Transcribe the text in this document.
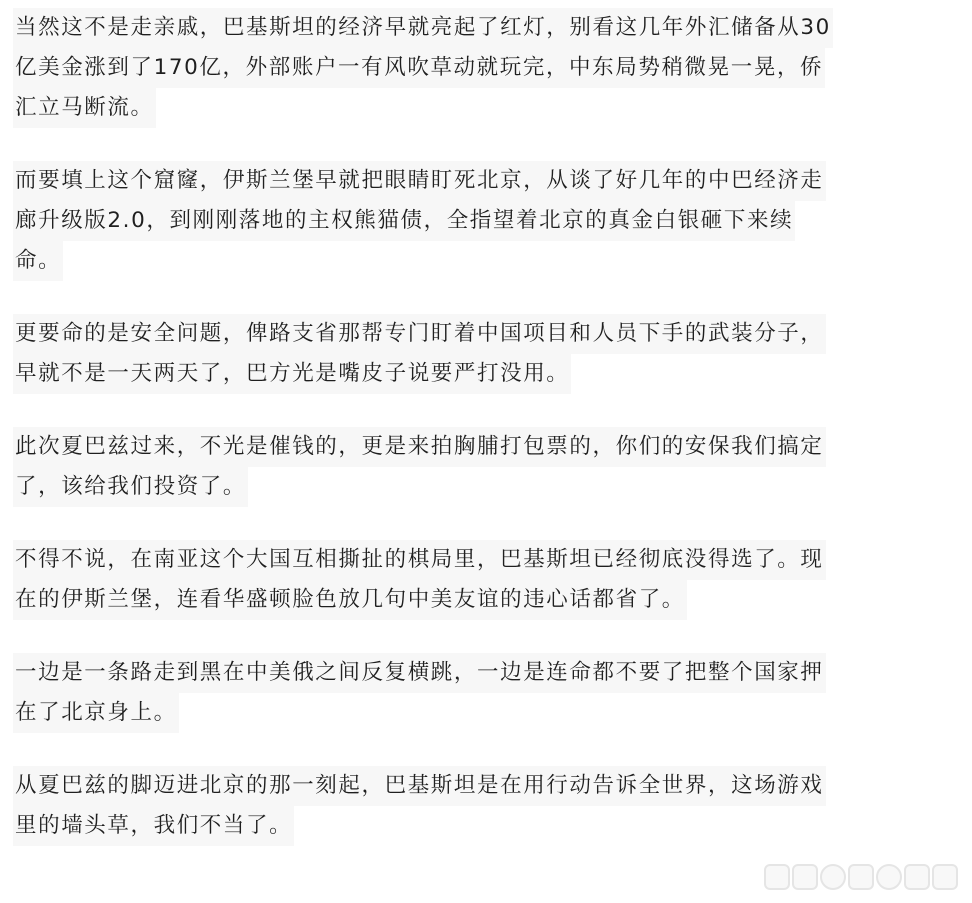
当然这不是走亲戚，巴基斯坦的经济早就亮起了红灯，别看这几年外汇储备从30
亿美金涨到了170亿，外部账户一有风吹草动就玩完，中东局势稍微晃一晃，侨
汇立马断流。
而要填上这个窟窿，伊斯兰堡早就把眼睛盯死北京，从谈了好几年的中巴经济走
廊升级版2.0，到刚刚落地的主权熊猫债，全指望着北京的真金白银砸下来续
命。
更要命的是安全问题，俾路支省那帮专门盯着中国项目和人员下手的武装分子，
早就不是一天两天了，巴方光是嘴皮子说要严打没用。
此次夏巴兹过来，不光是催钱的，更是来拍胸脯打包票的，你们的安保我们搞定
了，该给我们投资了。
不得不说，在南亚这个大国互相撕扯的棋局里，巴基斯坦已经彻底没得选了。现
在的伊斯兰堡，连看华盛顿脸色放几句中美友谊的违心话都省了。
一边是一条路走到黑在中美俄之间反复横跳，一边是连命都不要了把整个国家押
在了北京身上。
从夏巴兹的脚迈进北京的那一刻起，巴基斯坦是在用行动告诉全世界，这场游戏
里的墙头草，我们不当了。
